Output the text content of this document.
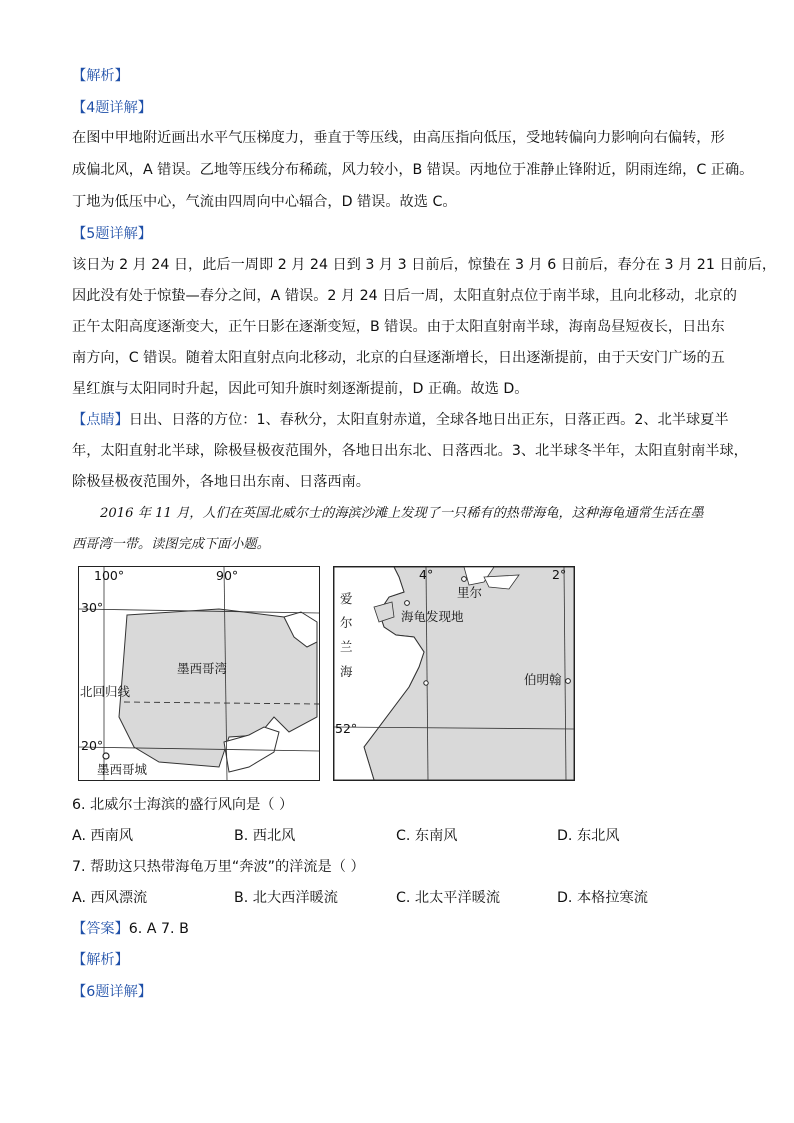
【解析】
【4题详解】
在图中甲地附近画出水平气压梯度力，垂直于等压线，由高压指向低压，受地转偏向力影响向右偏转，形
成偏北风，A 错误。乙地等压线分布稀疏，风力较小，B 错误。丙地位于准静止锋附近，阴雨连绵，C 正确。
丁地为低压中心，气流由四周向中心辐合，D 错误。故选 C。
【5题详解】
该日为 2 月 24 日，此后一周即 2 月 24 日到 3 月 3 日前后，惊蛰在 3 月 6 日前后，春分在 3 月 21 日前后，
因此没有处于惊蛰—春分之间，A 错误。2 月 24 日后一周，太阳直射点位于南半球，且向北移动，北京的
正午太阳高度逐渐变大，正午日影在逐渐变短，B 错误。由于太阳直射南半球，海南岛昼短夜长，日出东
南方向，C 错误。随着太阳直射点向北移动，北京的白昼逐渐增长，日出逐渐提前，由于天安门广场的五
星红旗与太阳同时升起，因此可知升旗时刻逐渐提前，D 正确。故选 D。
【点睛】日出、日落的方位：1、春秋分，太阳直射赤道，全球各地日出正东，日落正西。2、北半球夏半
年，太阳直射北半球，除极昼极夜范围外，各地日出东北、日落西北。3、北半球冬半年，太阳直射南半球，
除极昼极夜范围外，各地日出东南、日落西南。
2016 年 11 月，人们在英国北威尔士的海滨沙滩上发现了一只稀有的热带海龟，这种海龟通常生活在墨
西哥湾一带。读图完成下面小题。
100°	90°
30°
20°
墨西哥湾
北回归线
墨西哥城
4°	2°
52°
爱
尔
兰
海
里尔
海龟发现地
伯明翰
6. 北威尔士海滨的盛行风向是（ ）
A. 西南风	B. 西北风	C. 东南风	D. 东北风
7. 帮助这只热带海龟万里“奔波”的洋流是（ ）
A. 西风漂流	B. 北大西洋暖流	C. 北太平洋暖流	D. 本格拉寒流
【答案】6. A 7. B
【解析】
【6题详解】
